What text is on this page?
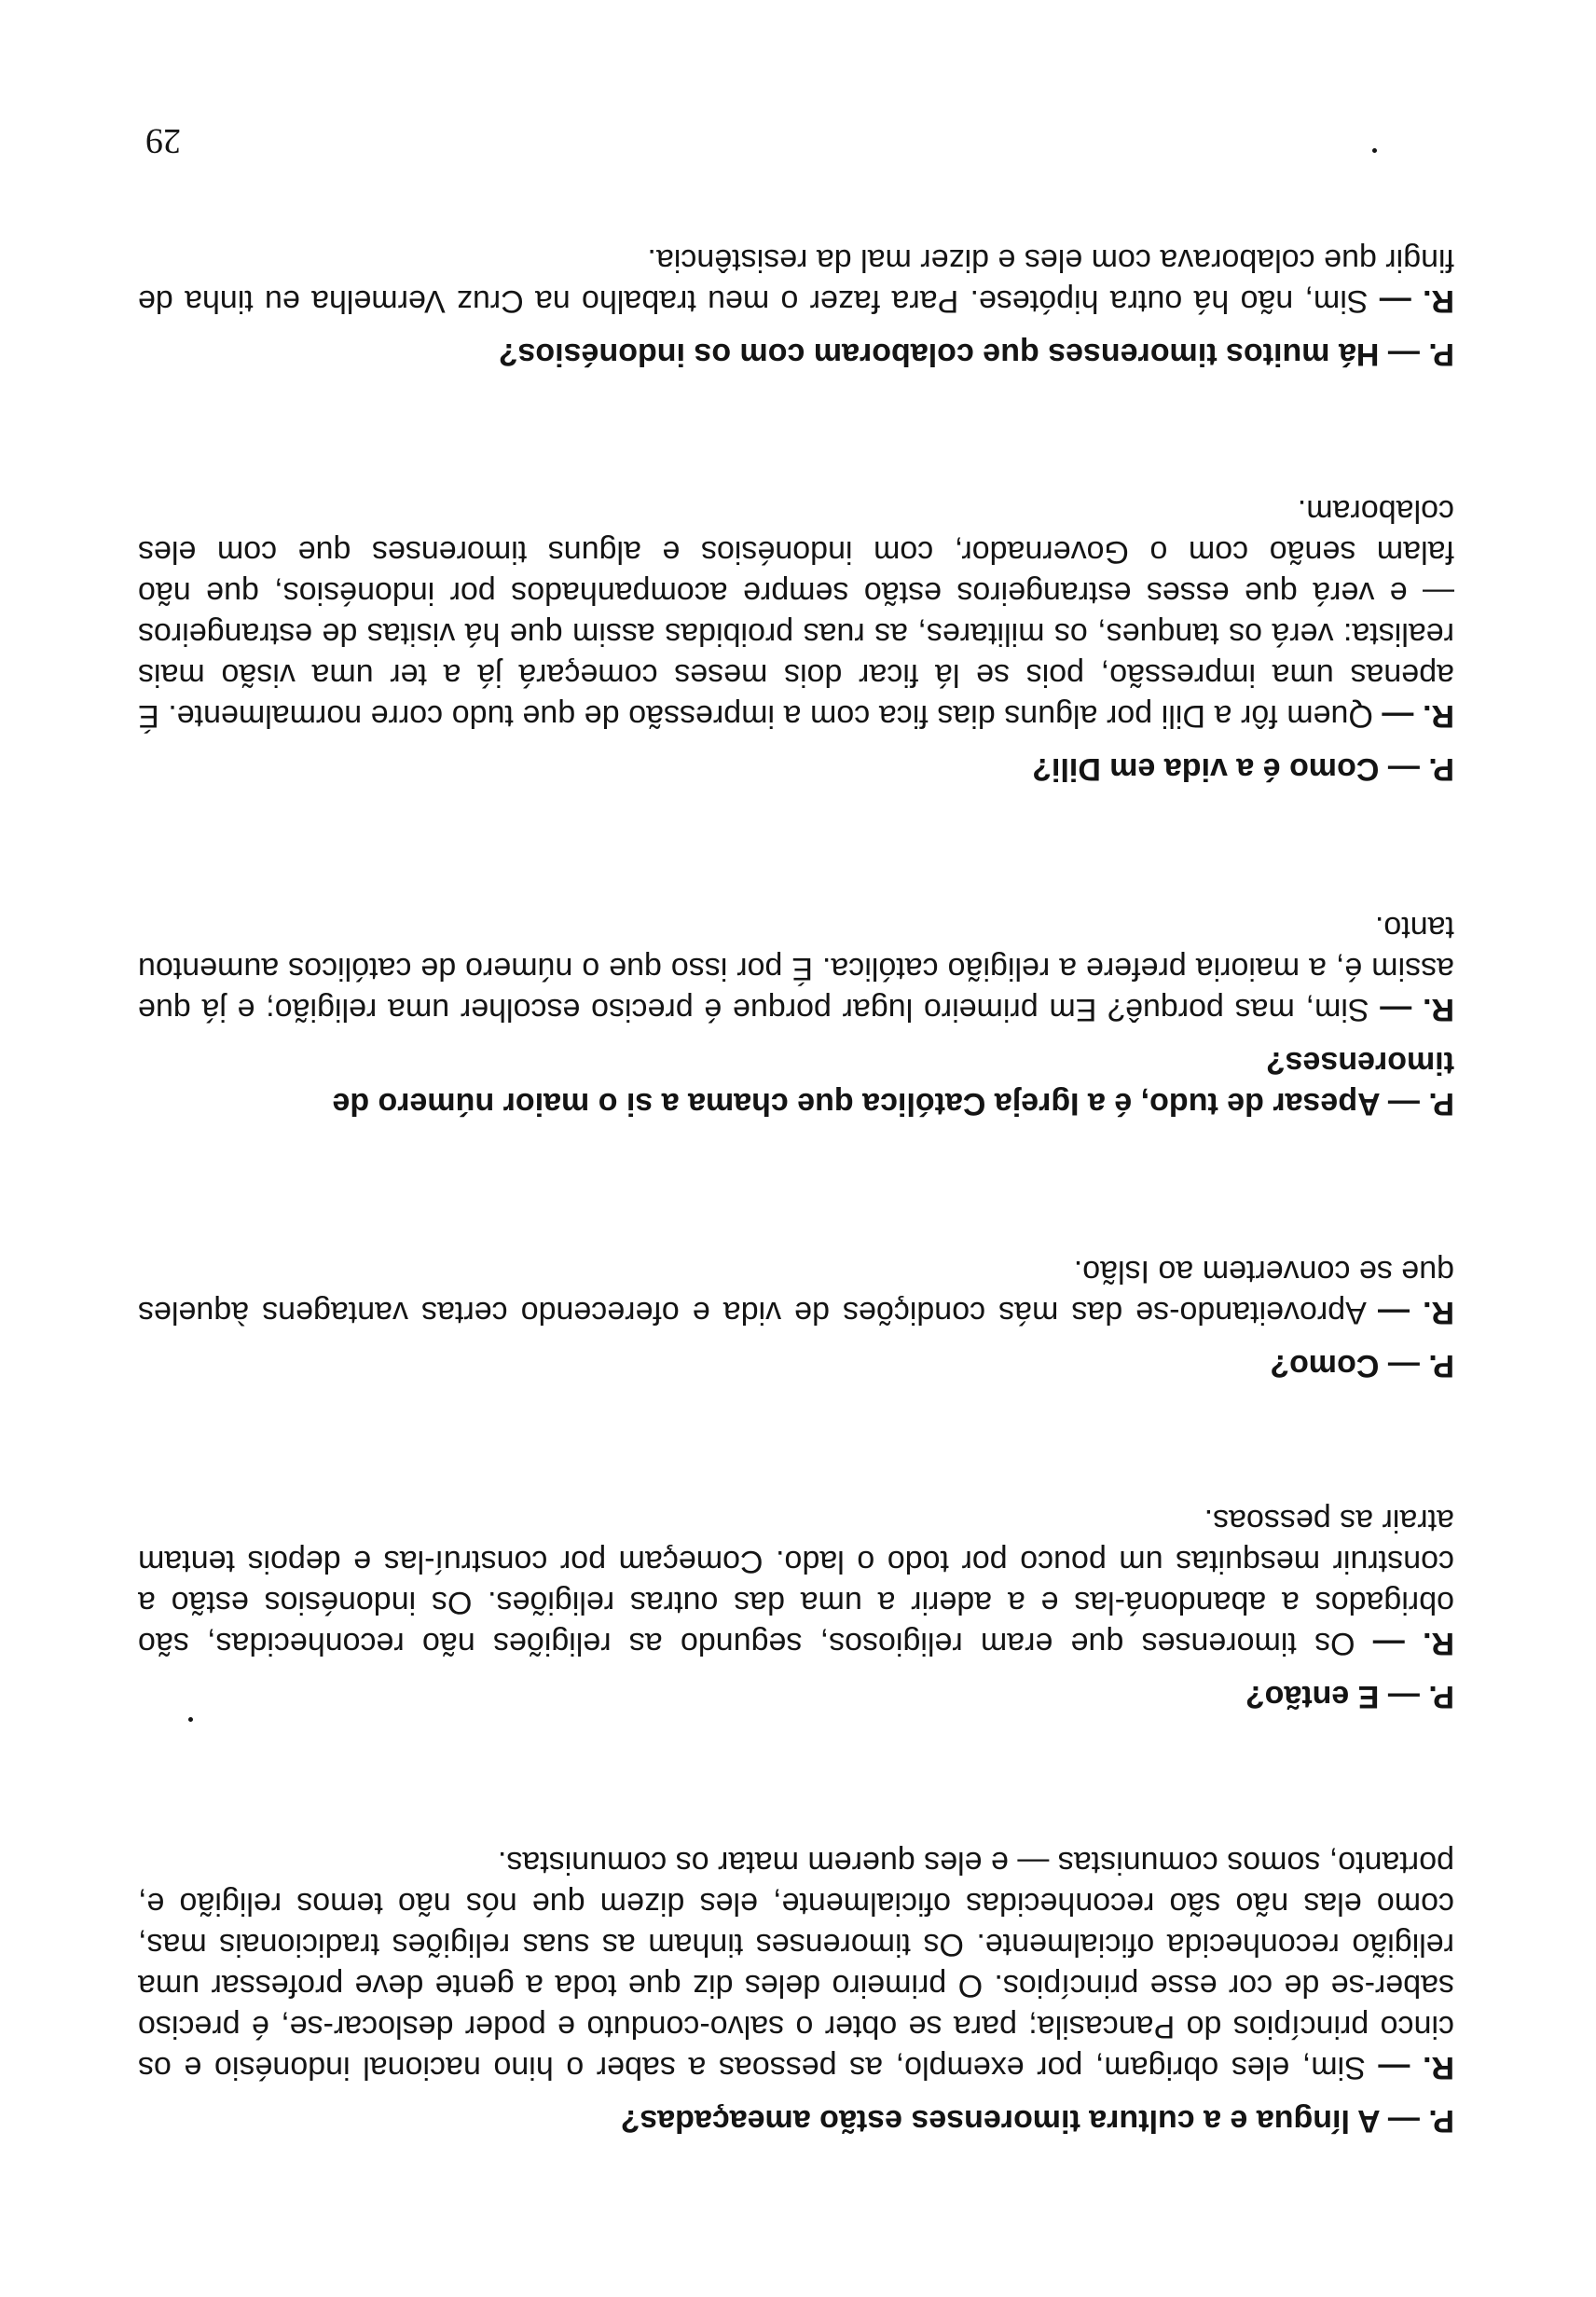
P. — A língua e a cultura timorenses estão ameaçadas?

R. — Sim, eles obrigam, por exemplo, as pessoas a saber o hino nacional indonésio e os cinco princípios do Pancasila; para se obter o salvo-conduto e poder deslocar-se, é preciso saber-se de cor esse princípios. O primeiro deles diz que toda a gente deve professar uma religião reconhecida oficialmente. Os timorenses tinham as suas religiões tradicionais mas, como elas não são reconhecidas oficialmente, eles dizem que nós não temos religião e, portanto, somos comunistas — e eles querem matar os comunistas.

P. — E então?

R. — Os timorenses que eram religiosos, segundo as religiões não reconhecidas, são obrigados a abandoná-las e a aderir a uma das outras religiões. Os indonésios estão a construir mesquitas um pouco por todo o lado. Começam por construí-las e depois tentam atrair as pessoas.

P. — Como?

R. — Aproveitando-se das más condições de vida e oferecendo certas vantagens àqueles que se convertem ao Islão.

P. — Apesar de tudo, é a Igreja Católica que chama a si o maior número de timorenses?

R. — Sim, mas porquê? Em primeiro lugar porque é preciso escolher uma religião; e já que assim é, a maioria prefere a religião católica. É por isso que o número de católicos aumentou tanto.

P. — Como é a vida em Dili?

R. — Quem fôr a Dili por alguns dias fica com a impressão de que tudo corre normalmente. É apenas uma impressão, pois se lá ficar dois meses começará já a ter uma visão mais realista: verá os tanques, os militares, as ruas proibidas assim que há visitas de estrangeiros — e verá que esses estrangeiros estão sempre acompanhados por indonésios, que não falam senão com o Governador, com indonésios e alguns timorenses que com eles colaboram.

P. — Há muitos timorenses que colaboram com os indonésios?

R. — Sim, não há outra hipótese. Para fazer o meu trabalho na Cruz Vermelha eu tinha de fingir que colaborava com eles e dizer mal da resistência.

29
